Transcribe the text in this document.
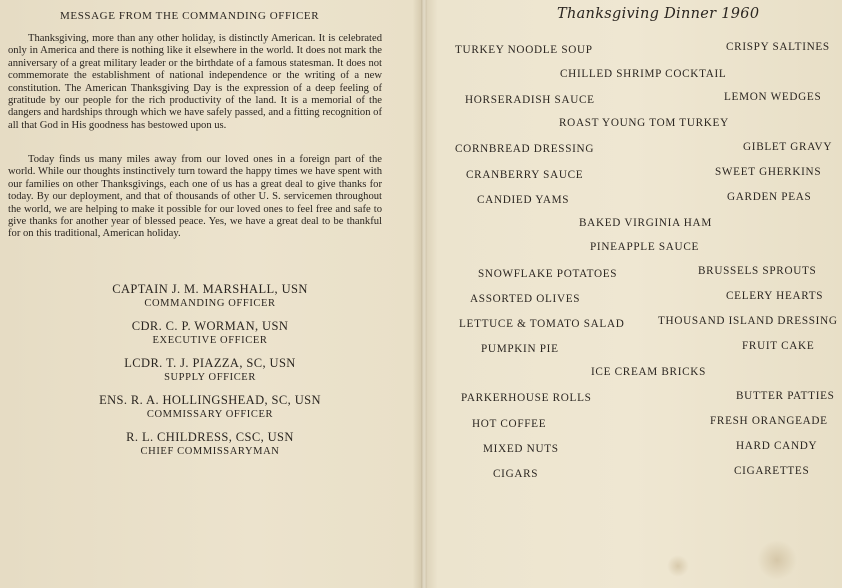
MESSAGE FROM THE COMMANDING OFFICER

Thanksgiving, more than any other holiday, is distinctly American. It is celebrated only in America and there is nothing like it elsewhere in the world. It does not mark the anniversary of a great military leader or the birthdate of a famous statesman. It does not commemorate the establishment of national independence or the writing of a new constitution. The American Thanksgiving Day is the expression of a deep feeling of gratitude by our people for the rich productivity of the land. It is a memorial of the dangers and hardships through which we have safely passed, and a fitting recognition of all that God in His goodness has bestowed upon us.

Today finds us many miles away from our loved ones in a foreign part of the world. While our thoughts instinctively turn toward the happy times we have spent with our families on other Thanksgivings, each one of us has a great deal to give thanks for today. By our deployment, and that of thousands of other U. S. servicemen throughout the world, we are helping to make it possible for our loved ones to feel free and safe to give thanks for another year of blessed peace. Yes, we have a great deal to be thankful for on this traditional, American holiday.

CAPTAIN J. M. MARSHALL, USN
COMMANDING OFFICER
CDR. C. P. WORMAN, USN
EXECUTIVE OFFICER
LCDR. T. J. PIAZZA, SC, USN
SUPPLY OFFICER
ENS. R. A. HOLLINGSHEAD, SC, USN
COMMISSARY OFFICER
R. L. CHILDRESS, CSC, USN
CHIEF COMMISSARYMAN
Thanksgiving Dinner 1960
TURKEY NOODLE SOUP	CRISPY SALTINES
CHILLED SHRIMP COCKTAIL
HORSERADISH SAUCE	LEMON WEDGES
ROAST YOUNG TOM TURKEY
CORNBREAD DRESSING	GIBLET GRAVY
CRANBERRY SAUCE	SWEET GHERKINS
CANDIED YAMS	GARDEN PEAS
BAKED VIRGINIA HAM
PINEAPPLE SAUCE
SNOWFLAKE POTATOES	BRUSSELS SPROUTS
ASSORTED OLIVES	CELERY HEARTS
LETTUCE & TOMATO SALAD	THOUSAND ISLAND DRESSING
PUMPKIN PIE	FRUIT CAKE
ICE CREAM BRICKS
PARKERHOUSE ROLLS	BUTTER PATTIES
HOT COFFEE	FRESH ORANGEADE
MIXED NUTS	HARD CANDY
CIGARS	CIGARETTES
